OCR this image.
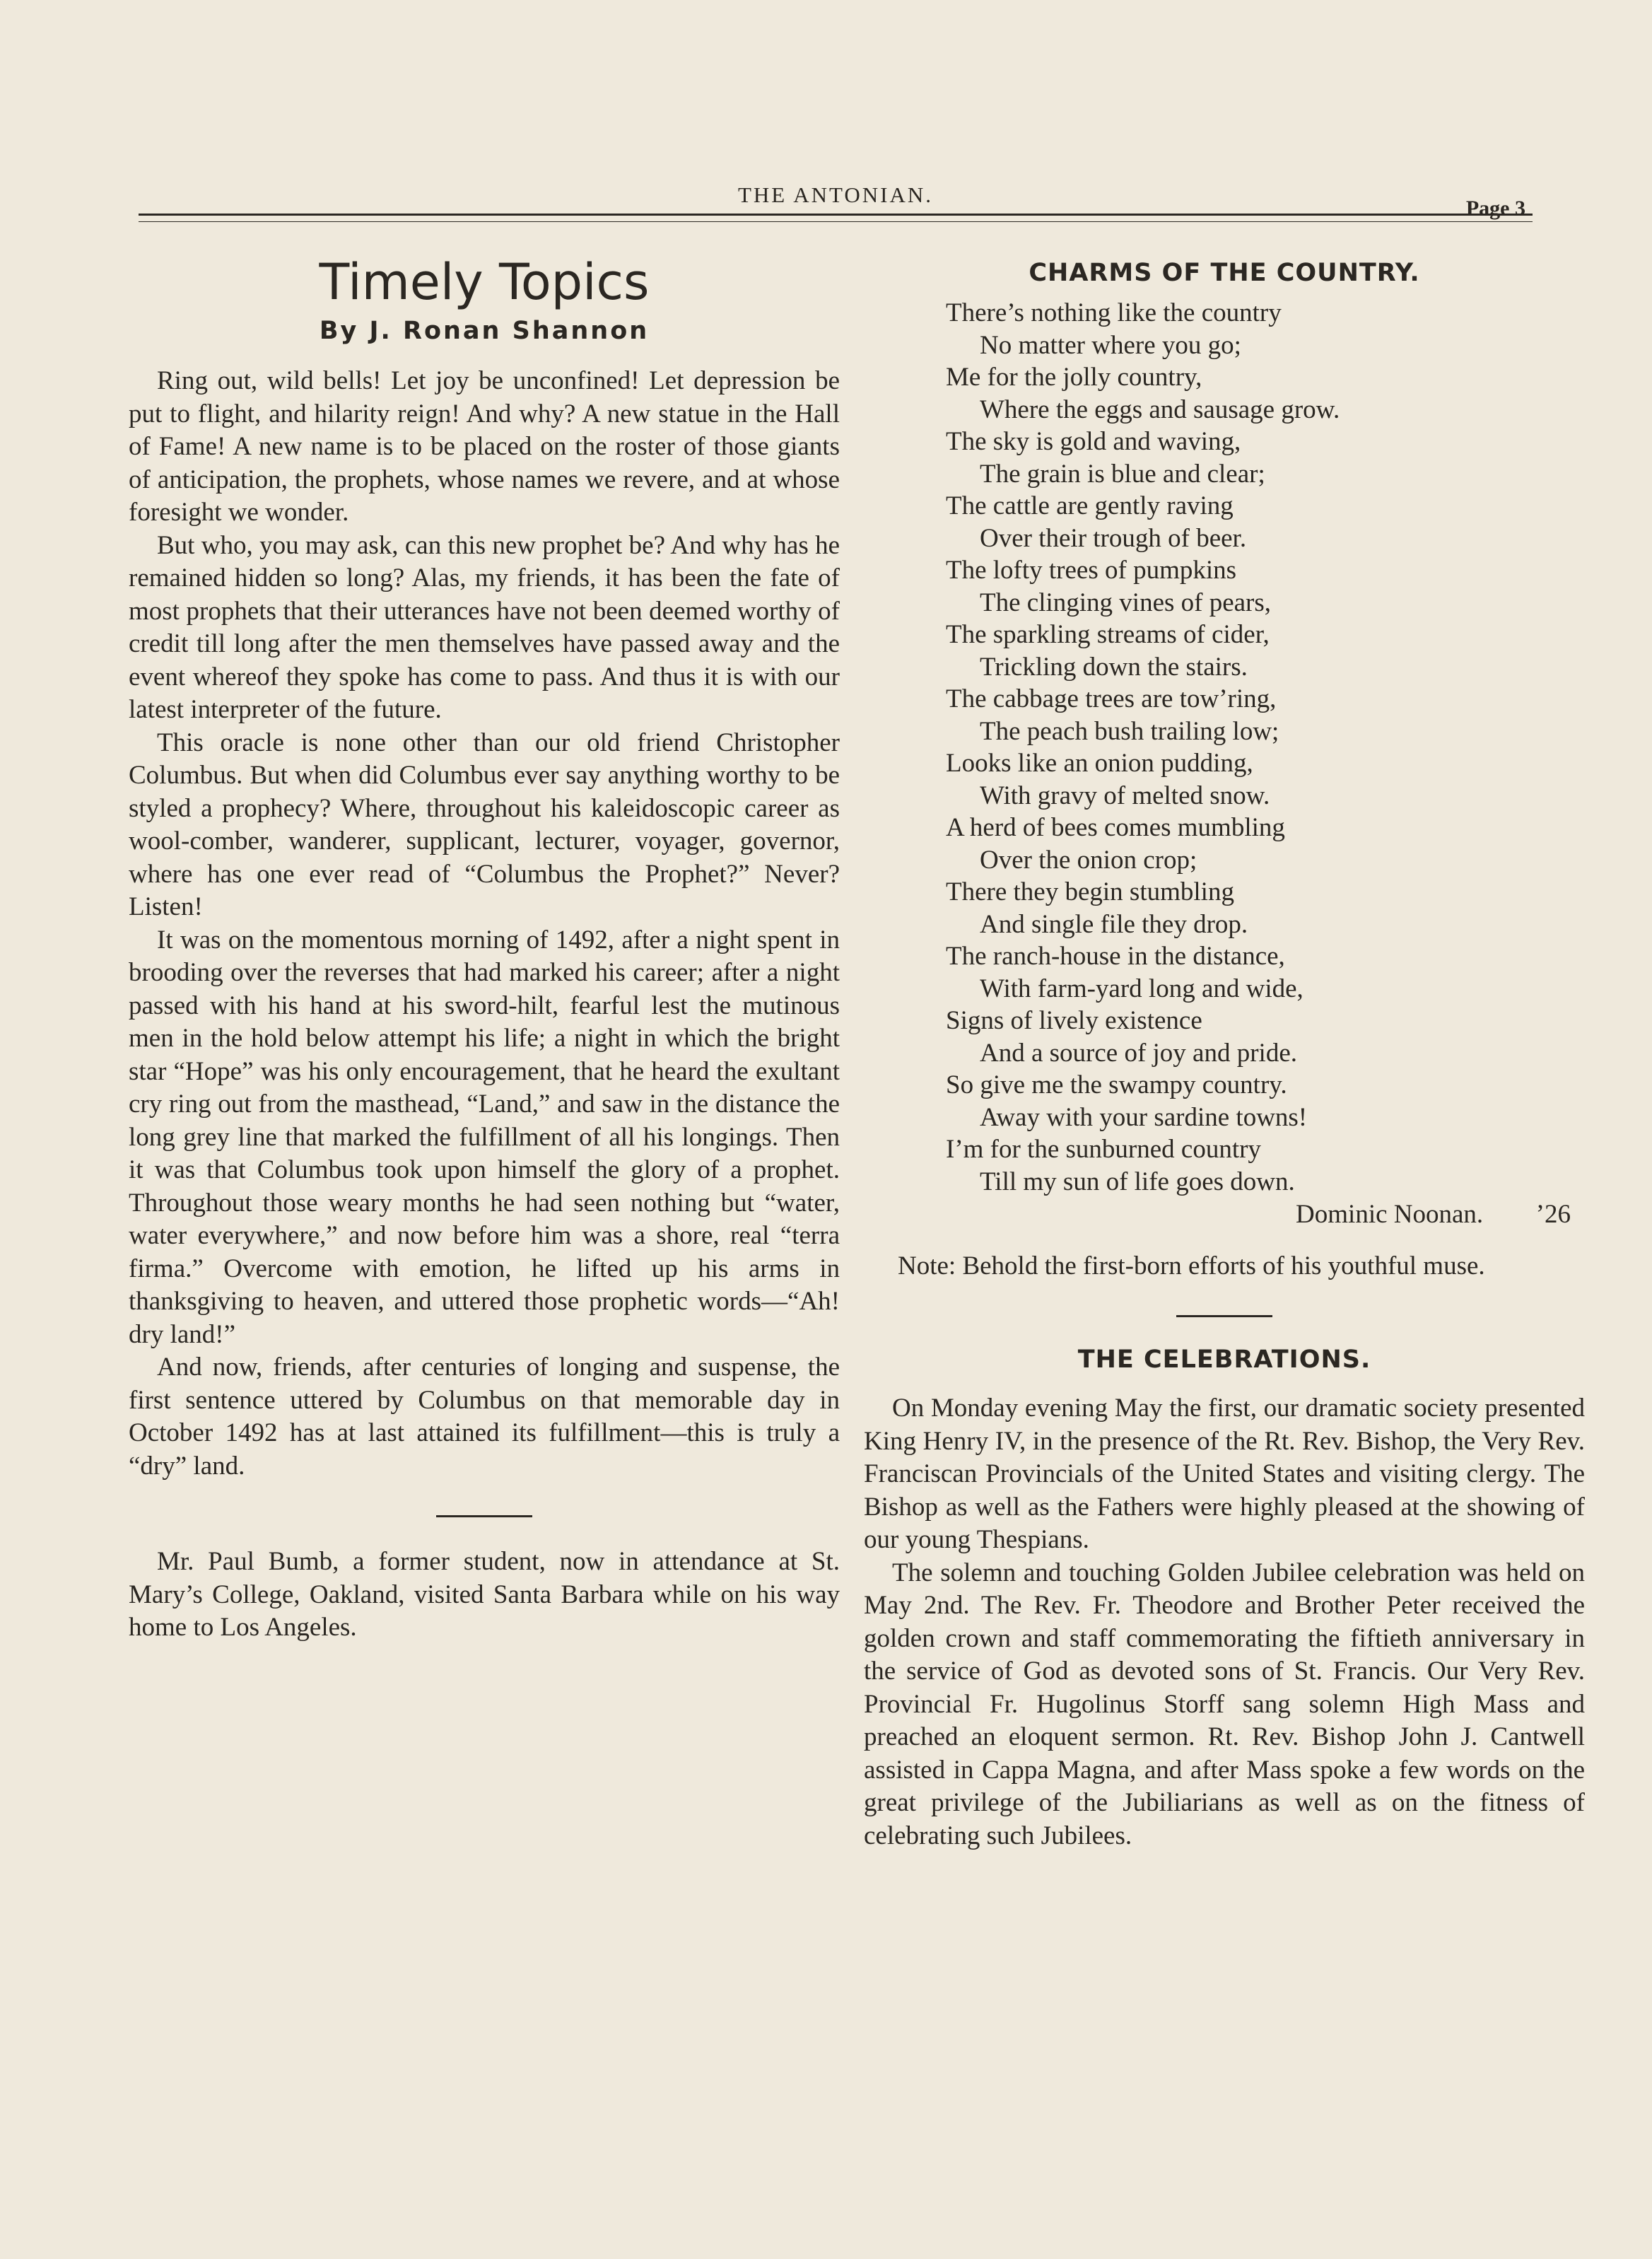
THE ANTONIAN.
Page 3
Timely Topics
By J. Ronan Shannon

Ring out, wild bells! Let joy be unconfined! Let depression be put to flight, and hilarity reign! And why? A new statue in the Hall of Fame! A new name is to be placed on the roster of those giants of anticipation, the prophets, whose names we revere, and at whose foresight we wonder.

But who, you may ask, can this new prophet be? And why has he remained hidden so long? Alas, my friends, it has been the fate of most prophets that their utterances have not been deemed worthy of credit till long after the men themselves have passed away and the event whereof they spoke has come to pass. And thus it is with our latest interpreter of the future.

This oracle is none other than our old friend Christopher Columbus. But when did Columbus ever say anything worthy to be styled a prophecy? Where, throughout his kaleidoscopic career as wool-comber, wanderer, supplicant, lecturer, voyager, governor, where has one ever read of “Columbus the Prophet?” Never? Listen!

It was on the momentous morning of 1492, after a night spent in brooding over the reverses that had marked his career; after a night passed with his hand at his sword-hilt, fearful lest the mutinous men in the hold below attempt his life; a night in which the bright star “Hope” was his only encouragement, that he heard the exultant cry ring out from the masthead, “Land,” and saw in the distance the long grey line that marked the fulfillment of all his longings. Then it was that Columbus took upon himself the glory of a prophet. Throughout those weary months he had seen nothing but “water, water everywhere,” and now before him was a shore, real “terra firma.” Overcome with emotion, he lifted up his arms in thanksgiving to heaven, and uttered those prophetic words—“Ah! dry land!”

And now, friends, after centuries of longing and suspense, the first sentence uttered by Columbus on that memorable day in October 1492 has at last attained its fulfillment—this is truly a “dry” land.

Mr. Paul Bumb, a former student, now in attendance at St. Mary’s College, Oakland, visited Santa Barbara while on his way home to Los Angeles.

CHARMS OF THE COUNTRY.
There’s nothing like the country
No matter where you go;
Me for the jolly country,
Where the eggs and sausage grow.
The sky is gold and waving,
The grain is blue and clear;
The cattle are gently raving
Over their trough of beer.
The lofty trees of pumpkins
The clinging vines of pears,
The sparkling streams of cider,
Trickling down the stairs.
The cabbage trees are tow’ring,
The peach bush trailing low;
Looks like an onion pudding,
With gravy of melted snow.
A herd of bees comes mumbling
Over the onion crop;
There they begin stumbling
And single file they drop.
The ranch-house in the distance,
With farm-yard long and wide,
Signs of lively existence
And a source of joy and pride.
So give me the swampy country.
Away with your sardine towns!
I’m for the sunburned country
Till my sun of life goes down.
Dominic Noonan. ’26

Note: Behold the first-born efforts of his youthful muse.

THE CELEBRATIONS.

On Monday evening May the first, our dramatic society presented King Henry IV, in the presence of the Rt. Rev. Bishop, the Very Rev. Franciscan Provincials of the United States and visiting clergy. The Bishop as well as the Fathers were highly pleased at the showing of our young Thespians.

The solemn and touching Golden Jubilee celebration was held on May 2nd. The Rev. Fr. Theodore and Brother Peter received the golden crown and staff commemorating the fiftieth anniversary in the service of God as devoted sons of St. Francis. Our Very Rev. Provincial Fr. Hugolinus Storff sang solemn High Mass and preached an eloquent sermon. Rt. Rev. Bishop John J. Cantwell assisted in Cappa Magna, and after Mass spoke a few words on the great privilege of the Jubiliarians as well as on the fitness of celebrating such Jubilees.
